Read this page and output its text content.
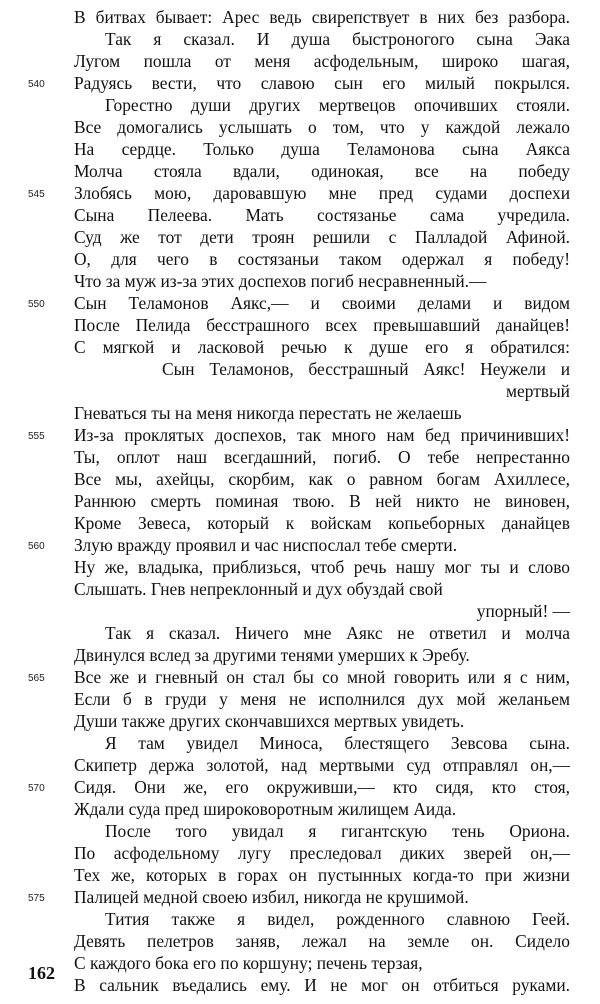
В битвах бывает: Арес ведь свирепствует в них без разбора.
Так я сказал. И душа быстроногого сына Эака
Лугом пошла от меня асфодельным, широко шагая,
540 Радуясь вести, что славою сын его милый покрылся.
Горестно души других мертвецов опочивших стояли.
Все домогались услышать о том, что у каждой лежало
На сердце. Только душа Теламонова сына Аякса
Молча стояла вдали, одинокая, все на победу
545 Злобясь мою, даровавшую мне пред судами доспехи
Сына Пелеева. Мать состязанье сама учредила.
Суд же тот дети троян решили с Палладой Афиной.
О, для чего в состязаньи таком одержал я победу!
Что за муж из-за этих доспехов погиб несравненный.—
550 Сын Теламонов Аякс,— и своими делами и видом
После Пелида бесстрашного всех превышавший данайцев!
С мягкой и ласковой речью к душе его я обратился:
Сын Теламонов, бесстрашный Аякс! Неужели и
мертвый
Гневаться ты на меня никогда перестать не желаешь
555 Из-за проклятых доспехов, так много нам бед причинивших!
Ты, оплот наш всегдашний, погиб. О тебе непрестанно
Все мы, ахейцы, скорбим, как о равном богам Ахиллесе,
Раннюю смерть поминая твою. В ней никто не виновен,
Кроме Зевеса, который к войскам копьеборных данайцев
560 Злую вражду проявил и час ниспослал тебе смерти.
Ну же, владыка, приблизься, чтоб речь нашу мог ты и слово
Слышать. Гнев непреклонный и дух обуздай свой
упорный! —
Так я сказал. Ничего мне Аякс не ответил и молча
Двинулся вслед за другими тенями умерших к Эребу.
565 Все же и гневный он стал бы со мной говорить или я с ним,
Если б в груди у меня не исполнился дух мой желаньем
Души также других скончавшихся мертвых увидеть.
Я там увидел Миноса, блестящего Зевсова сына.
Скипетр держа золотой, над мертвыми суд отправлял он,—
570 Сидя. Они же, его окруживши,— кто сидя, кто стоя,
Ждали суда пред широковоротным жилищем Аида.
После того увидал я гигантскую тень Ориона.
По асфодельному лугу преследовал диких зверей он,—
Тех же, которых в горах он пустынных когда-то при жизни
575 Палицей медной своею избил, никогда не крушимой.
Тития также я видел, рожденного славною Геей.
Девять пелетров заняв, лежал на земле он. Сидело
С каждого бока его по коршуну; печень терзая,
В сальник въедались ему. И не мог он отбиться руками.
162
